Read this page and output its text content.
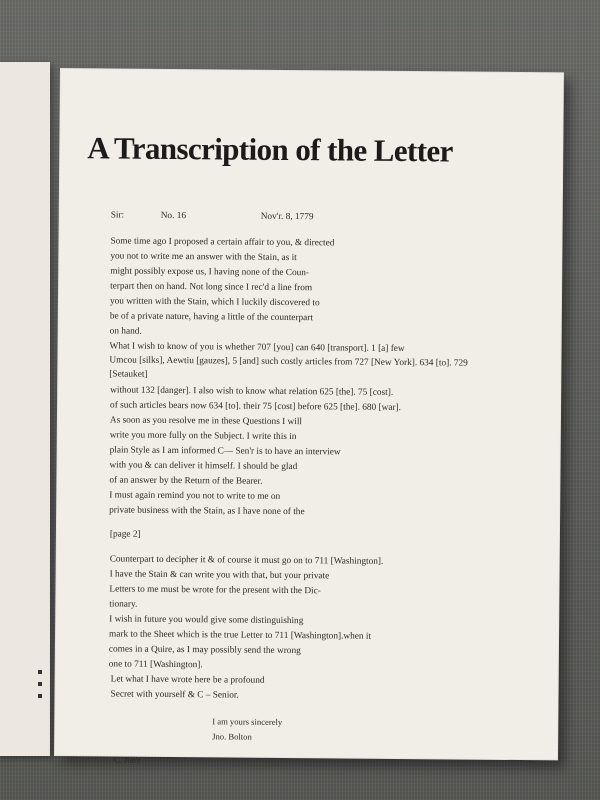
A Transcription of the Letter
Sir:	No. 16	Nov'r. 8, 1779
Some time ago I proposed a certain affair to you, & directed
you not to write me an answer with the Stain, as it
might possibly expose us, I having none of the Coun-
terpart then on hand. Not long since I rec'd a line from
you written with the Stain, which I luckily discovered to
be of a private nature, having a little of the counterpart
on hand.
What I wish to know of you is whether 707 [you] can 640 [transport]. 1 [a] few
Umcou [silks], Aewtiu [gauzes], 5 [and] such costly articles from 727 [New York]. 634 [to]. 729
[Setauket]
without 132 [danger]. I also wish to know what relation 625 [the]. 75 [cost].
of such articles bears now 634 [to]. their 75 [cost] before 625 [the]. 680 [war].
As soon as you resolve me in these Questions I will
write you more fully on the Subject. I write this in
plain Style as I am informed C— Sen'r is to have an interview
with you & can deliver it himself. I should be glad
of an answer by the Return of the Bearer.
I must again remind you not to write to me on
private business with the Stain, as I have none of the
[page 2]
Counterpart to decipher it & of course it must go on to 711 [Washington].
I have the Stain & can write you with that, but your private
Letters to me must be wrote for the present with the Dic-
tionary.
I wish in future you would give some distinguishing
mark to the Sheet which is the true Letter to 711 [Washington].when it
comes in a Quire, as I may possibly send the wrong
one to 711 [Washington].
Let what I have wrote here be a profound
Secret with yourself & C – Senior.
I am yours sincerely
Jno. Bolton
C. Jun'r
